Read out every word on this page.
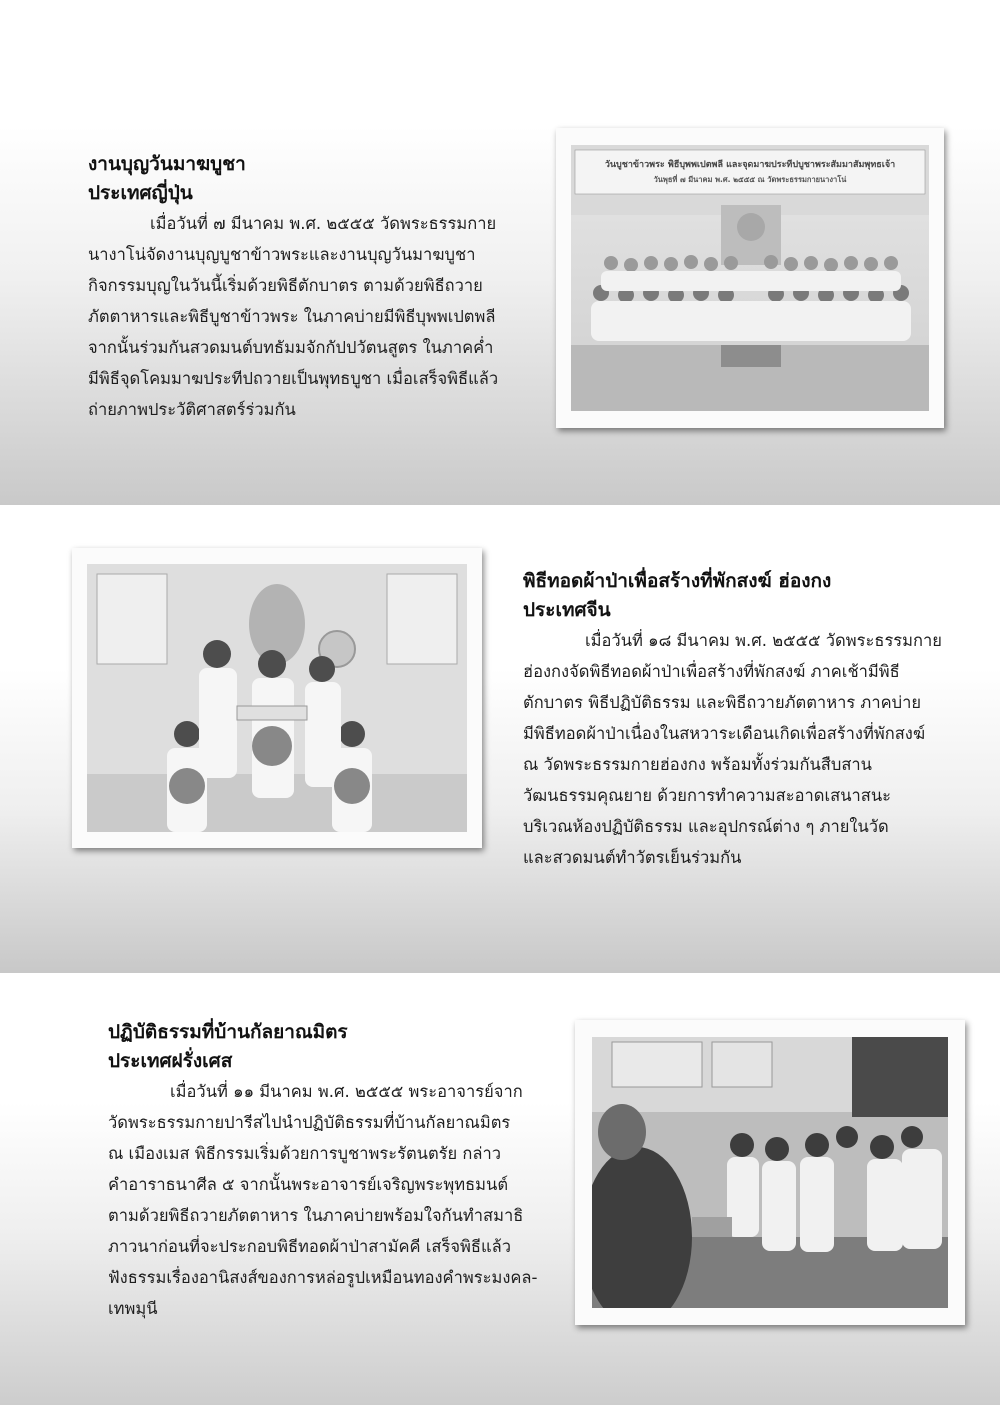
งานบุญวันมาฆบูชา
ประเทศญี่ปุ่น
เมื่อวันที่ ๗ มีนาคม พ.ศ. ๒๕๕๕ วัดพระธรรมกาย
นางาโน่จัดงานบุญบูชาข้าวพระและงานบุญวันมาฆบูชา
กิจกรรมบุญในวันนี้เริ่มด้วยพิธีตักบาตร ตามด้วยพิธีถวาย
ภัตตาหารและพิธีบูชาข้าวพระ ในภาคบ่ายมีพิธีบุพพเปตพลี
จากนั้นร่วมกันสวดมนต์บทธัมมจักกัปปวัตนสูตร ในภาคค่ำ
มีพิธีจุดโคมมาฆประทีปถวายเป็นพุทธบูชา เมื่อเสร็จพิธีแล้ว
ถ่ายภาพประวัติศาสตร์ร่วมกัน
วันบูชาข้าวพระ พิธีบุพพเปตพลี และจุดมาฆประทีปบูชาพระสัมมาสัมพุทธเจ้า
วันพุธที่ ๗ มีนาคม พ.ศ. ๒๕๕๕ ณ วัดพระธรรมกายนางาโน่
พิธีทอดผ้าป่าเพื่อสร้างที่พักสงฆ์ ฮ่องกง
ประเทศจีน
เมื่อวันที่ ๑๘ มีนาคม พ.ศ. ๒๕๕๕ วัดพระธรรมกาย
ฮ่องกงจัดพิธีทอดผ้าป่าเพื่อสร้างที่พักสงฆ์ ภาคเช้ามีพิธี
ตักบาตร พิธีปฏิบัติธรรม และพิธีถวายภัตตาหาร ภาคบ่าย
มีพิธีทอดผ้าป่าเนื่องในสหวาระเดือนเกิดเพื่อสร้างที่พักสงฆ์
ณ วัดพระธรรมกายฮ่องกง พร้อมทั้งร่วมกันสืบสาน
วัฒนธรรมคุณยาย ด้วยการทำความสะอาดเสนาสนะ
บริเวณห้องปฏิบัติธรรม และอุปกรณ์ต่าง ๆ ภายในวัด
และสวดมนต์ทำวัตรเย็นร่วมกัน
ปฏิบัติธรรมที่บ้านกัลยาณมิตร
ประเทศฝรั่งเศส
เมื่อวันที่ ๑๑ มีนาคม พ.ศ. ๒๕๕๕ พระอาจารย์จาก
วัดพระธรรมกายปารีสไปนำปฏิบัติธรรมที่บ้านกัลยาณมิตร
ณ เมืองเมส พิธีกรรมเริ่มด้วยการบูชาพระรัตนตรัย กล่าว
คำอาราธนาศีล ๕ จากนั้นพระอาจารย์เจริญพระพุทธมนต์
ตามด้วยพิธีถวายภัตตาหาร ในภาคบ่ายพร้อมใจกันทำสมาธิ
ภาวนาก่อนที่จะประกอบพิธีทอดผ้าป่าสามัคคี เสร็จพิธีแล้ว
ฟังธรรมเรื่องอานิสงส์ของการหล่อรูปเหมือนทองคำพระมงคล-
เทพมุนี
